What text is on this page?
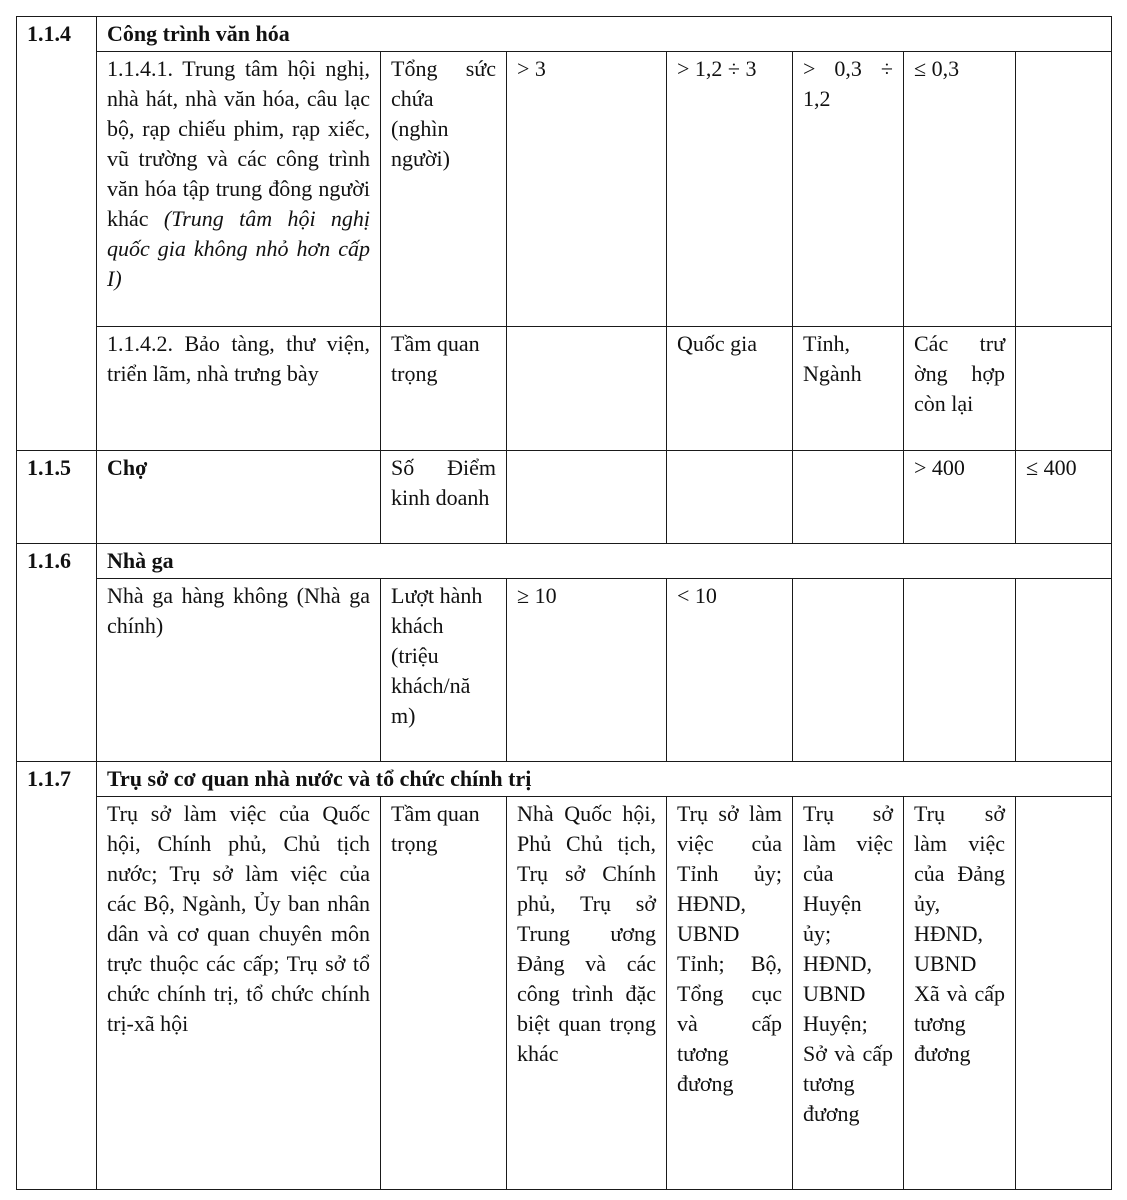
1.1.4	Công trình văn hóa						
	1.1.4.1. Trung tâm hội nghị, nhà hát, nhà văn hóa, câu lạc bộ, rạp chiếu phim, rạp xiếc, vũ trường và các công trình văn hóa tập trung đông người khác (Trung tâm hội nghị quốc gia không nhỏ hơn cấp I)	Tổng sức chứa (nghìn người)	> 3	> 1,2 ÷ 3	> 0,3 ÷ 1,2	≤ 0,3	
	1.1.4.2. Bảo tàng, thư viện, triển lãm, nhà trưng bày	Tầm quan trọng		Quốc gia	Tỉnh, Ngành	Các trư ờng hợp còn lại	
1.1.5	Chợ	Số Điểm kinh doanh				> 400	≤ 400
1.1.6	Nhà ga						
	Nhà ga hàng không (Nhà ga chính)	Lượt hành khách (triệu khách/nă m)	≥ 10	< 10			
1.1.7	Trụ sở cơ quan nhà nước và tổ chức chính trị						
	Trụ sở làm việc của Quốc hội, Chính phủ, Chủ tịch nước; Trụ sở làm việc của các Bộ, Ngành, Ủy ban nhân dân và cơ quan chuyên môn trực thuộc các cấp; Trụ sở tổ chức chính trị, tổ chức chính trị-xã hội	Tầm quan trọng	Nhà Quốc hội, Phủ Chủ tịch, Trụ sở Chính phủ, Trụ sở Trung ương Đảng và các công trình đặc biệt quan trọng khác	Trụ sở làm việc của Tỉnh ủy; HĐND, UBND Tỉnh; Bộ, Tổng cục và cấp tương đương	Trụ sở làm việc của Huyện ủy; HĐND, UBND Huyện; Sở và cấp tương đương	Trụ sở làm việc của Đảng ủy, HĐND, UBND Xã và cấp tương đương	
